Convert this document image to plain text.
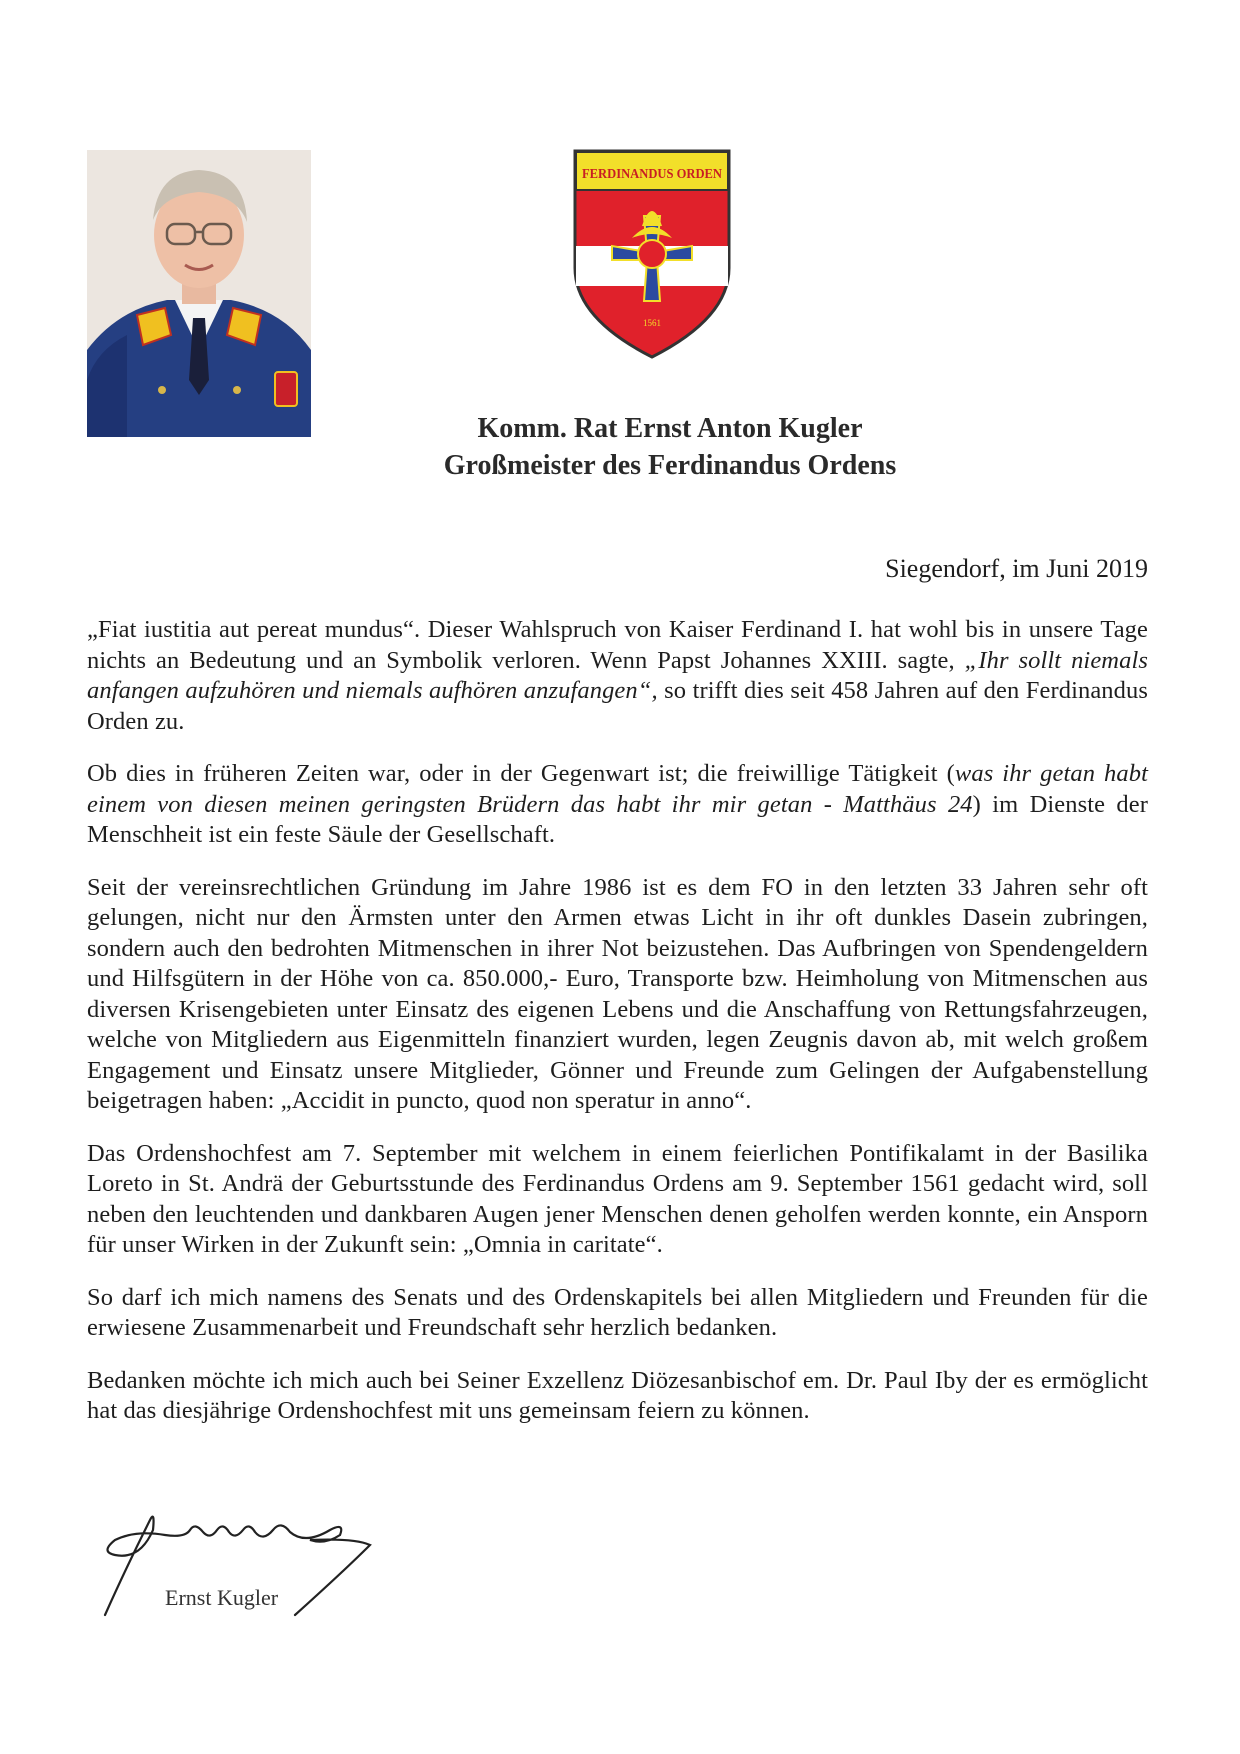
FERDINANDUS ORDEN
1561
Komm. Rat Ernst Anton Kugler
Großmeister des Ferdinandus Ordens
Siegendorf, im Juni 2019

„Fiat iustitia aut pereat mundus“. Dieser Wahlspruch von Kaiser Ferdinand I. hat wohl bis in unsere Tage nichts an Bedeutung und an Symbolik verloren. Wenn Papst Johannes XXIII. sagte, „Ihr sollt niemals anfangen aufzuhören und niemals aufhören anzufangen“, so trifft dies seit 458 Jahren auf den Ferdinandus Orden zu.

Ob dies in früheren Zeiten war, oder in der Gegenwart ist; die freiwillige Tätigkeit (was ihr getan habt einem von diesen meinen geringsten Brüdern das habt ihr mir getan - Matthäus 24) im Dienste der Menschheit ist ein feste Säule der Gesellschaft.

Seit der vereinsrechtlichen Gründung im Jahre 1986 ist es dem FO in den letzten 33 Jahren sehr oft gelungen, nicht nur den Ärmsten unter den Armen etwas Licht in ihr oft dunkles Dasein zubringen, sondern auch den bedrohten Mitmenschen in ihrer Not beizustehen. Das Aufbringen von Spendengeldern und Hilfsgütern in der Höhe von ca. 850.000,- Euro, Transporte bzw. Heimholung von Mitmenschen aus diversen Krisengebieten unter Einsatz des eigenen Lebens und die Anschaffung von Rettungsfahrzeugen, welche von Mitgliedern aus Eigenmitteln finanziert wurden, legen Zeugnis davon ab, mit welch großem Engagement und Einsatz unsere Mitglieder, Gönner und Freunde zum Gelingen der Aufgabenstellung beigetragen haben: „Accidit in puncto, quod non speratur in anno“.

Das Ordenshochfest am 7. September mit welchem in einem feierlichen Pontifikalamt in der Basilika Loreto in St. Andrä der Geburtsstunde des Ferdinandus Ordens am 9. September 1561 gedacht wird, soll neben den leuchtenden und dankbaren Augen jener Menschen denen geholfen werden konnte, ein Ansporn für unser Wirken in der Zukunft sein: „Omnia in caritate“.

So darf ich mich namens des Senats und des Ordenskapitels bei allen Mitgliedern und Freunden für die erwiesene Zusammenarbeit und Freundschaft sehr herzlich bedanken.

Bedanken möchte ich mich auch bei Seiner Exzellenz Diözesanbischof em. Dr. Paul Iby der es ermöglicht hat das diesjährige Ordenshochfest mit uns gemeinsam feiern zu können.

Ernst Kugler
